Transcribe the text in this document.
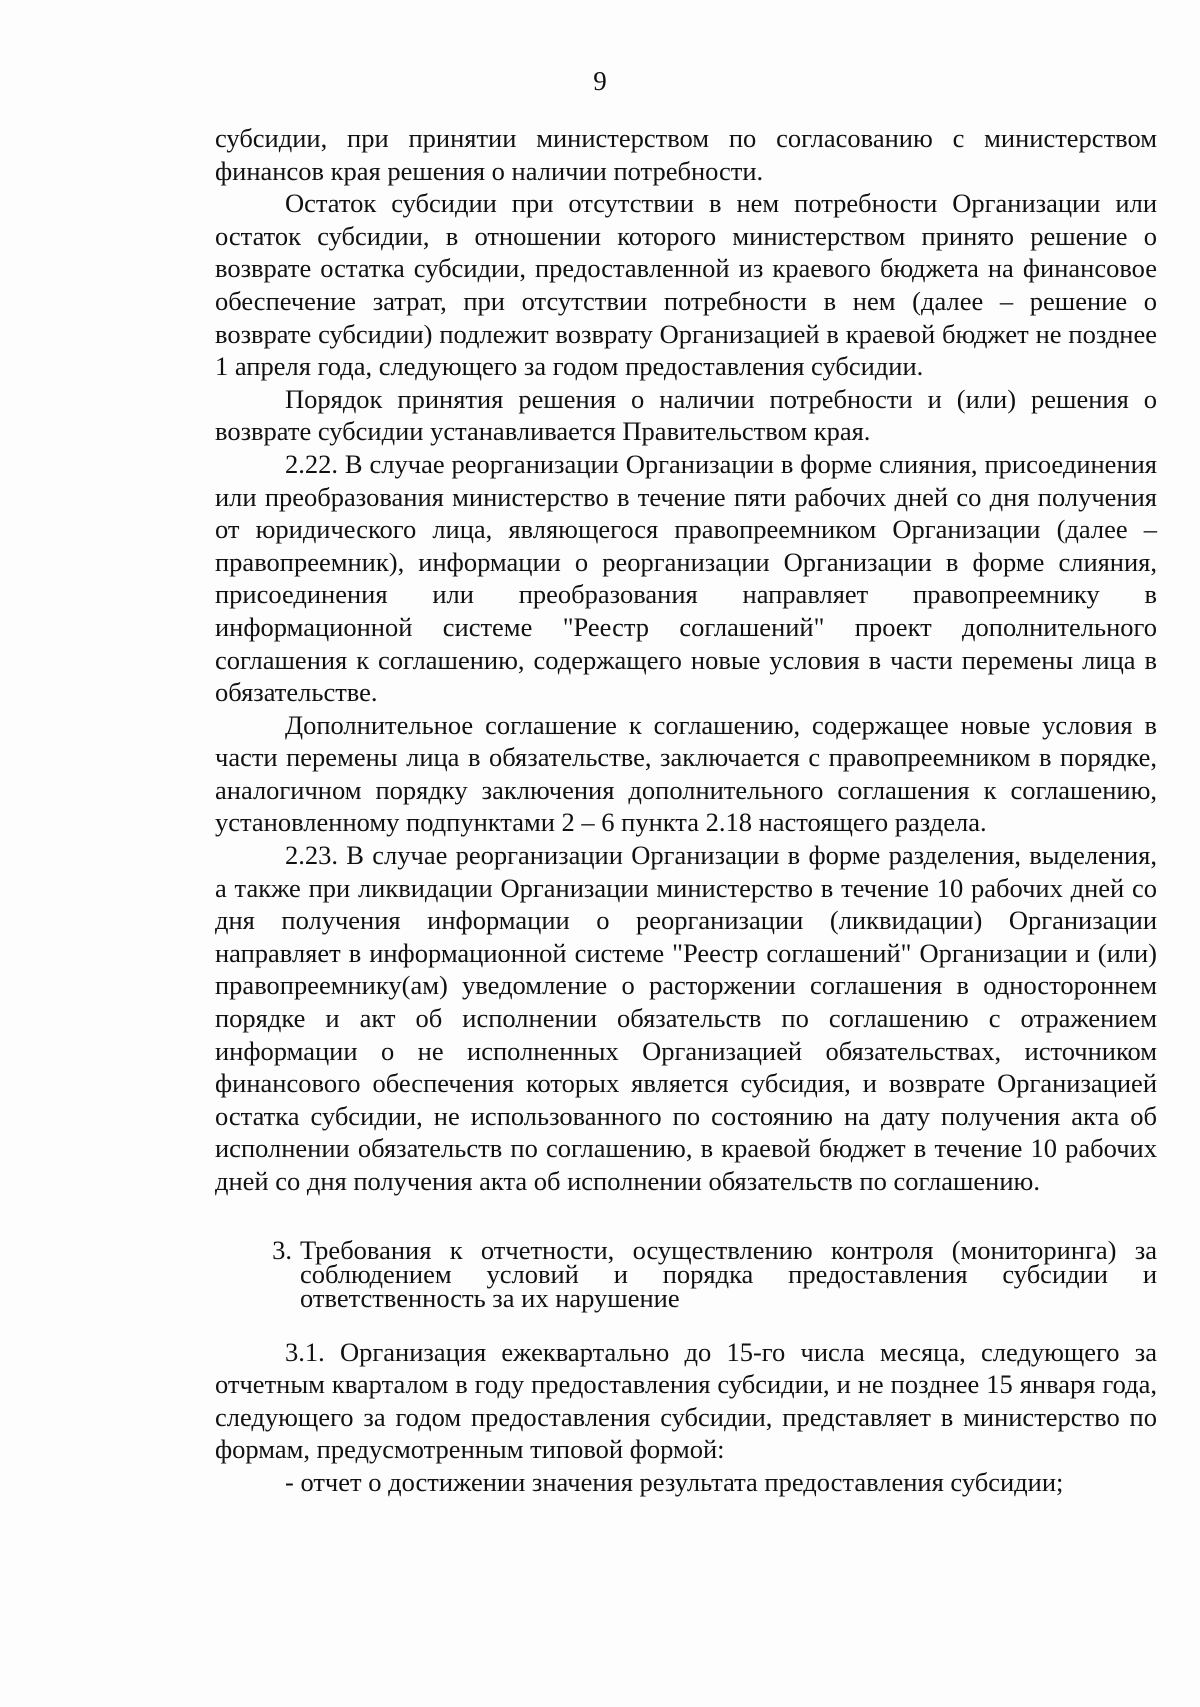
9

субсидии, при принятии министерством по согласованию с министерством финансов края решения о наличии потребности.

Остаток субсидии при отсутствии в нем потребности Организации или остаток субсидии, в отношении которого министерством принято решение о возврате остатка субсидии, предоставленной из краевого бюджета на финансовое обеспечение затрат, при отсутствии потребности в нем (далее – решение о возврате субсидии) подлежит возврату Организацией в краевой бюджет не позднее 1 апреля года, следующего за годом предоставления субсидии.

Порядок принятия решения о наличии потребности и (или) решения о возврате субсидии устанавливается Правительством края.

2.22. В случае реорганизации Организации в форме слияния, присоединения или преобразования министерство в течение пяти рабочих дней со дня получения от юридического лица, являющегося правопреемником Организации (далее – правопреемник), информации о реорганизации Организации в форме слияния, присоединения или преобразования направляет правопреемнику в информационной системе "Реестр соглашений" проект дополнительного соглашения к соглашению, содержащего новые условия в части перемены лица в обязательстве.

Дополнительное соглашение к соглашению, содержащее новые условия в части перемены лица в обязательстве, заключается с правопреемником в порядке, аналогичном порядку заключения дополнительного соглашения к соглашению, установленному подпунктами 2 – 6 пункта 2.18 настоящего раздела.

2.23. В случае реорганизации Организации в форме разделения, выделения, а также при ликвидации Организации министерство в течение 10 рабочих дней со дня получения информации о реорганизации (ликвидации) Организации направляет в информационной системе "Реестр соглашений" Организации и (или) правопреемнику(ам) уведомление о расторжении соглашения в одностороннем порядке и акт об исполнении обязательств по соглашению с отражением информации о не исполненных Организацией обязательствах, источником финансового обеспечения которых является субсидия, и возврате Организацией остатка субсидии, не использованного по состоянию на дату получения акта об исполнении обязательств по соглашению, в краевой бюджет в течение 10 рабочих дней со дня получения акта об исполнении обязательств по соглашению.

3. Требования к отчетности, осуществлению контроля (мониторинга) за соблюдением условий и порядка предоставления субсидии и ответственность за их нарушение

3.1. Организация ежеквартально до 15-го числа месяца, следующего за отчетным кварталом в году предоставления субсидии, и не позднее 15 января года, следующего за годом предоставления субсидии, представляет в министерство по формам, предусмотренным типовой формой:

- отчет о достижении значения результата предоставления субсидии;
